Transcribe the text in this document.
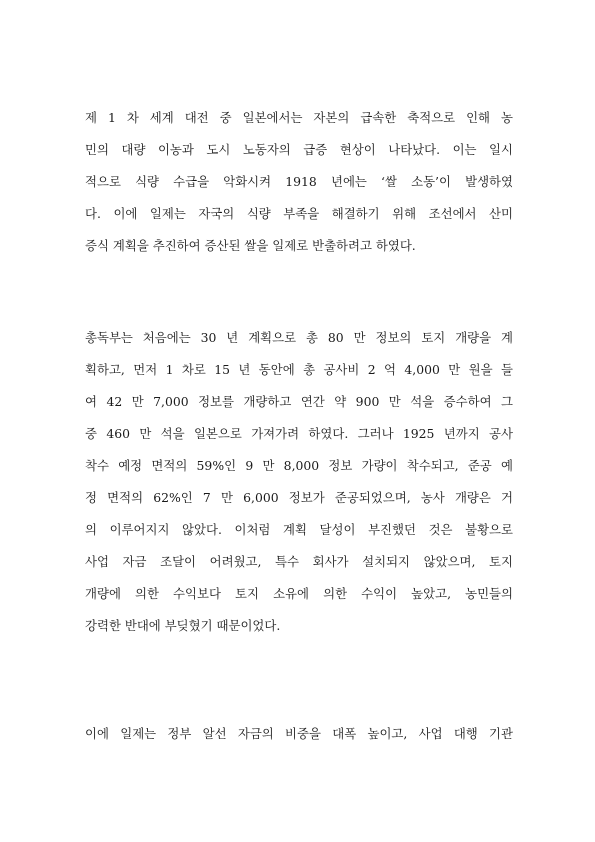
제 1 차 세계 대전 중 일본에서는 자본의 급속한 축적으로 인해 농
민의 대량 이농과 도시 노동자의 급증 현상이 나타났다. 이는 일시
적으로 식량 수급을 악화시켜 1918 년에는 ‘쌀 소동’이 발생하였
다. 이에 일제는 자국의 식량 부족을 해결하기 위해 조선에서 산미
증식 계획을 추진하여 증산된 쌀을 일제로 반출하려고 하였다.
총독부는 처음에는 30 년 계획으로 총 80 만 정보의 토지 개량을 계
획하고, 먼저 1 차로 15 년 동안에 총 공사비 2 억 4,000 만 원을 들
여 42 만 7,000 정보를 개량하고 연간 약 900 만 석을 증수하여 그
중 460 만 석을 일본으로 가져가려 하였다. 그러나 1925 년까지 공사
착수 예정 면적의 59%인 9 만 8,000 정보 가량이 착수되고, 준공 예
정 면적의 62%인 7 만 6,000 정보가 준공되었으며, 농사 개량은 거
의 이루어지지 않았다. 이처럼 계획 달성이 부진했던 것은 불황으로
사업 자금 조달이 어려웠고, 특수 회사가 설치되지 않았으며, 토지
개량에 의한 수익보다 토지 소유에 의한 수익이 높았고, 농민들의
강력한 반대에 부딪혔기 때문이었다.
이에 일제는 정부 알선 자금의 비중을 대폭 높이고, 사업 대행 기관
